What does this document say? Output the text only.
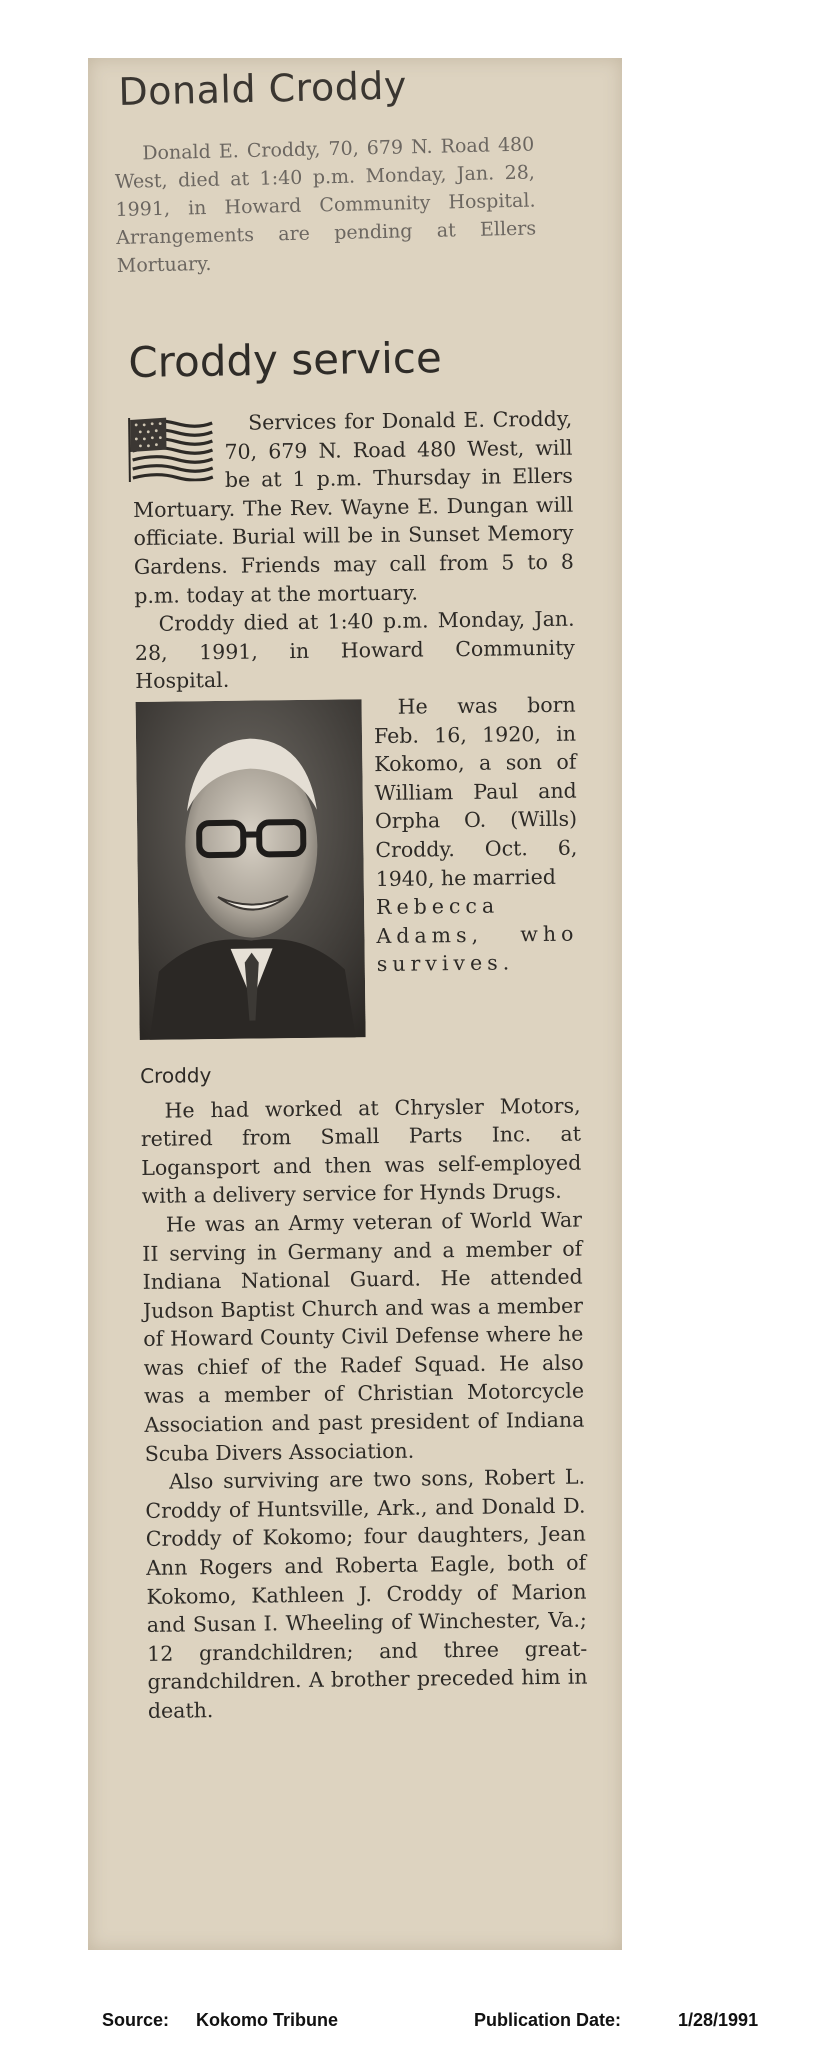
Donald Croddy

Donald E. Croddy, 70, 679 N. Road 480 West, died at 1:40 p.m. Monday, Jan. 28, 1991, in Howard Community Hospital. Arrangements are pending at Ellers Mortuary.

Croddy service

Services for Donald E. Croddy, 70, 679 N. Road 480 West, will be at 1 p.m. Thursday in Ellers Mortuary. The Rev. Wayne E. Dungan will officiate. Burial will be in Sunset Memory Gardens. Friends may call from 5 to 8 p.m. today at the mortuary.

Croddy died at 1:40 p.m. Monday, Jan. 28, 1991, in Howard Community Hospital.

Croddy

He was born Feb. 16, 1920, in Kokomo, a son of William Paul and Orpha O. (Wills) Croddy. Oct. 6, 1940, he married

Rebecca Adams, who survives.

He had worked at Chrysler Motors, retired from Small Parts Inc. at Logansport and then was self-employed with a delivery service for Hynds Drugs.

He was an Army veteran of World War II serving in Germany and a member of Indiana National Guard. He attended Judson Baptist Church and was a member of Howard County Civil Defense where he was chief of the Radef Squad. He also was a member of Christian Motorcycle Association and past president of Indiana Scuba Divers Association.

Also surviving are two sons, Robert L. Croddy of Huntsville, Ark., and Donald D. Croddy of Kokomo; four daughters, Jean Ann Rogers and Roberta Eagle, both of Kokomo, Kathleen J. Croddy of Marion and Susan I. Wheeling of Winchester, Va.; 12 grandchildren; and three great-grandchildren. A brother preceded him in death.

Source: Kokomo Tribune	Publication Date:	1/28/1991
